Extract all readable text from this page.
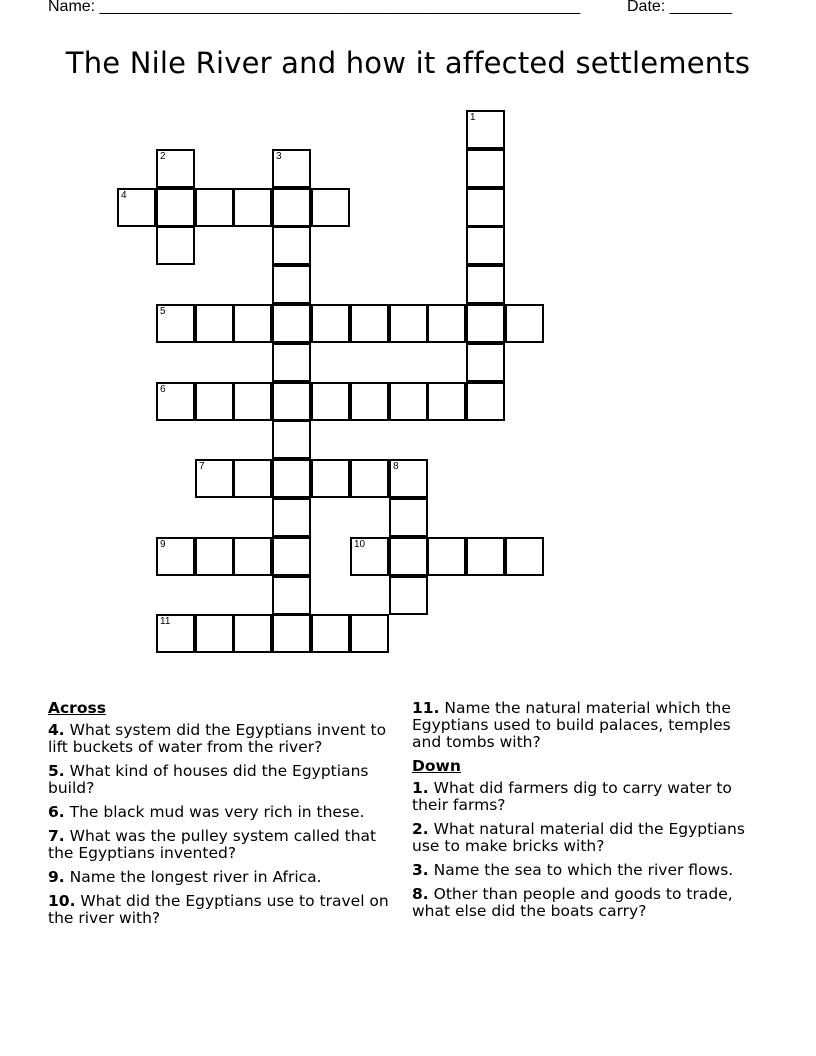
Name: ______________________________________________________	Date: _______
The Nile River and how it affected settlements
1
2	3
4
5
6
7	8
9	10
11
Across
4. What system did the Egyptians invent to lift buckets of water from the river?
5. What kind of houses did the Egyptians build?
6. The black mud was very rich in these.
7. What was the pulley system called that the Egyptians invented?
9. Name the longest river in Africa.
10. What did the Egyptians use to travel on the river with?
11. Name the natural material which the Egyptians used to build palaces, temples and tombs with?
Down
1. What did farmers dig to carry water to their farms?
2. What natural material did the Egyptians use to make bricks with?
3. Name the sea to which the river flows.
8. Other than people and goods to trade, what else did the boats carry?
